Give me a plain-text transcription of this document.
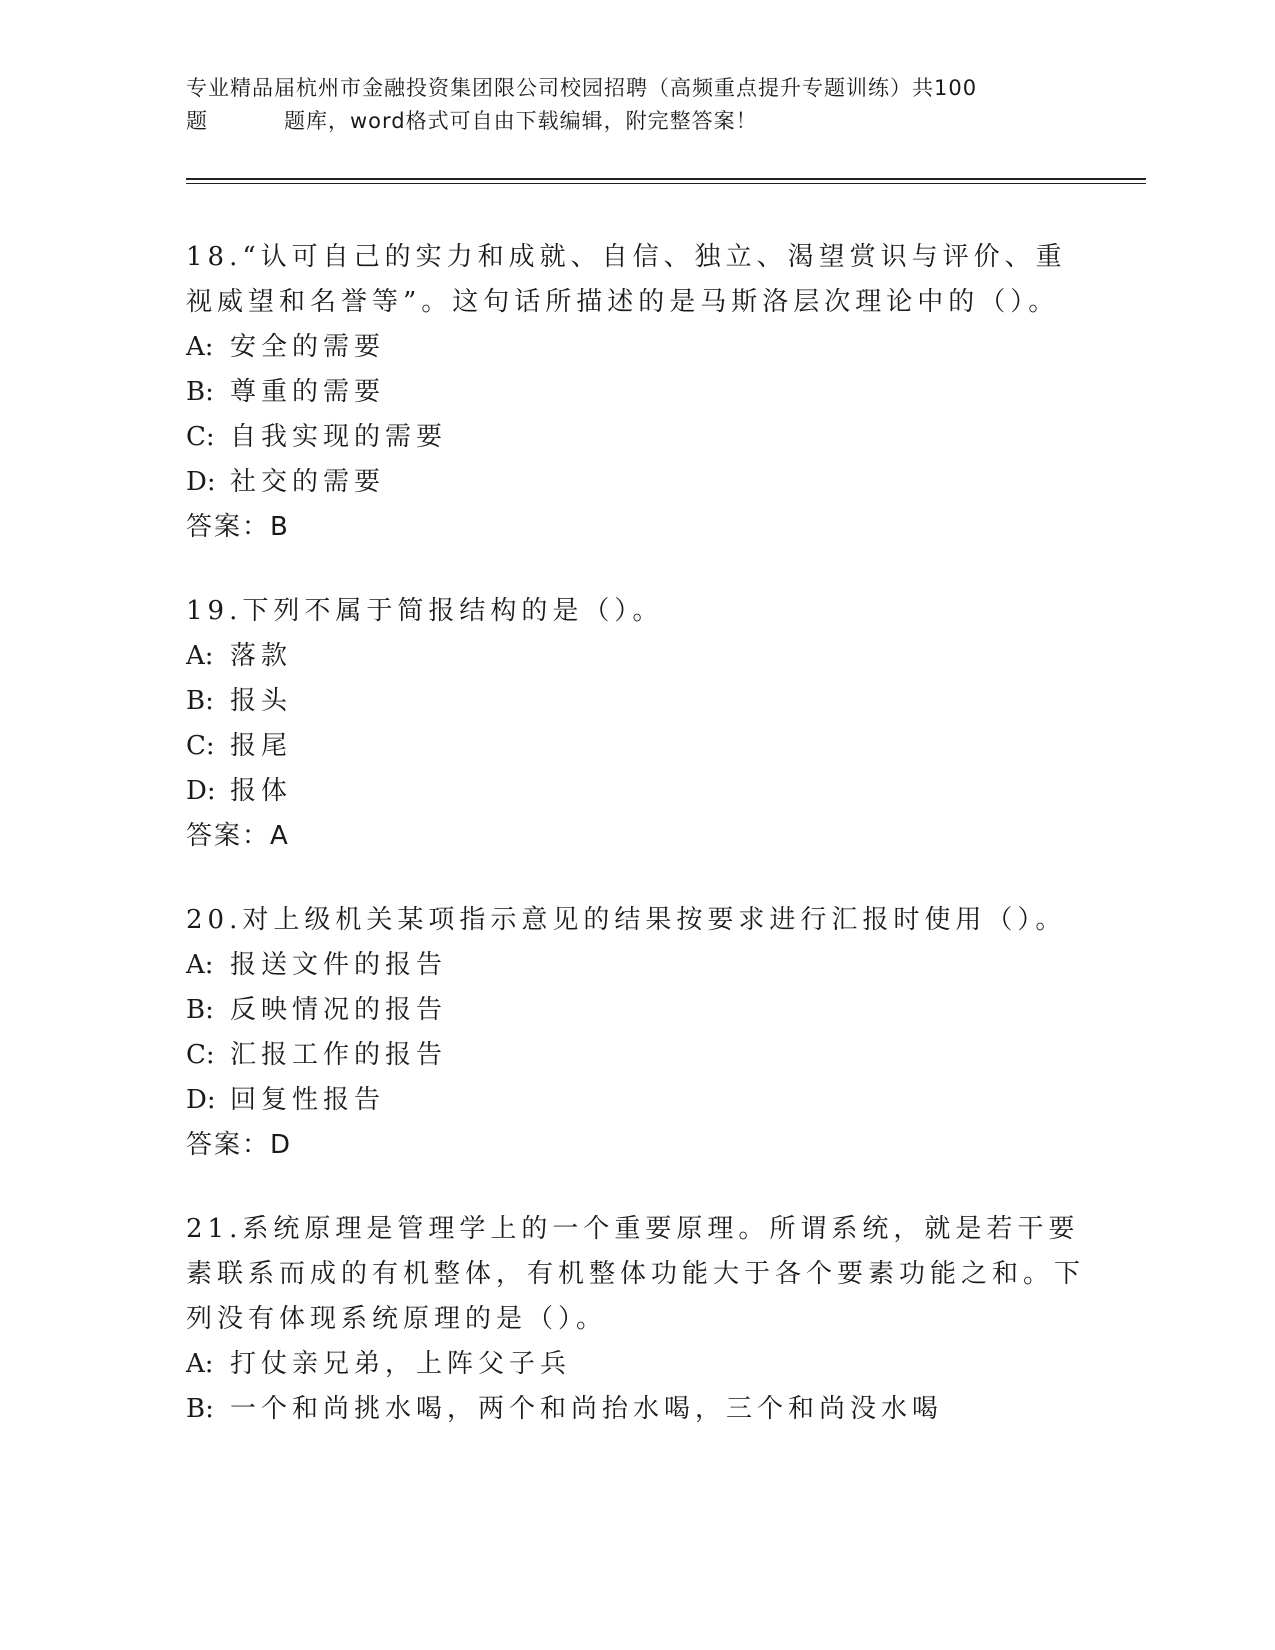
专业精品届杭州市金融投资集团限公司校园招聘（高频重点提升专题训练）共100
题	题库，word格式可自由下载编辑，附完整答案！
18.“认可自己的实力和成就、自信、独立、渴望赏识与评价、重视威望和名誉等”。这句话所描述的是马斯洛层次理论中的（）。
A: 安全的需要
B: 尊重的需要
C: 自我实现的需要
D: 社交的需要
答案：B
19.下列不属于简报结构的是（）。
A: 落款
B: 报头
C: 报尾
D: 报体
答案：A
20.对上级机关某项指示意见的结果按要求进行汇报时使用（）。
A: 报送文件的报告
B: 反映情况的报告
C: 汇报工作的报告
D: 回复性报告
答案：D
21.系统原理是管理学上的一个重要原理。所谓系统，就是若干要素联系而成的有机整体，有机整体功能大于各个要素功能之和。下列没有体现系统原理的是（）。
A: 打仗亲兄弟，上阵父子兵
B: 一个和尚挑水喝，两个和尚抬水喝，三个和尚没水喝
